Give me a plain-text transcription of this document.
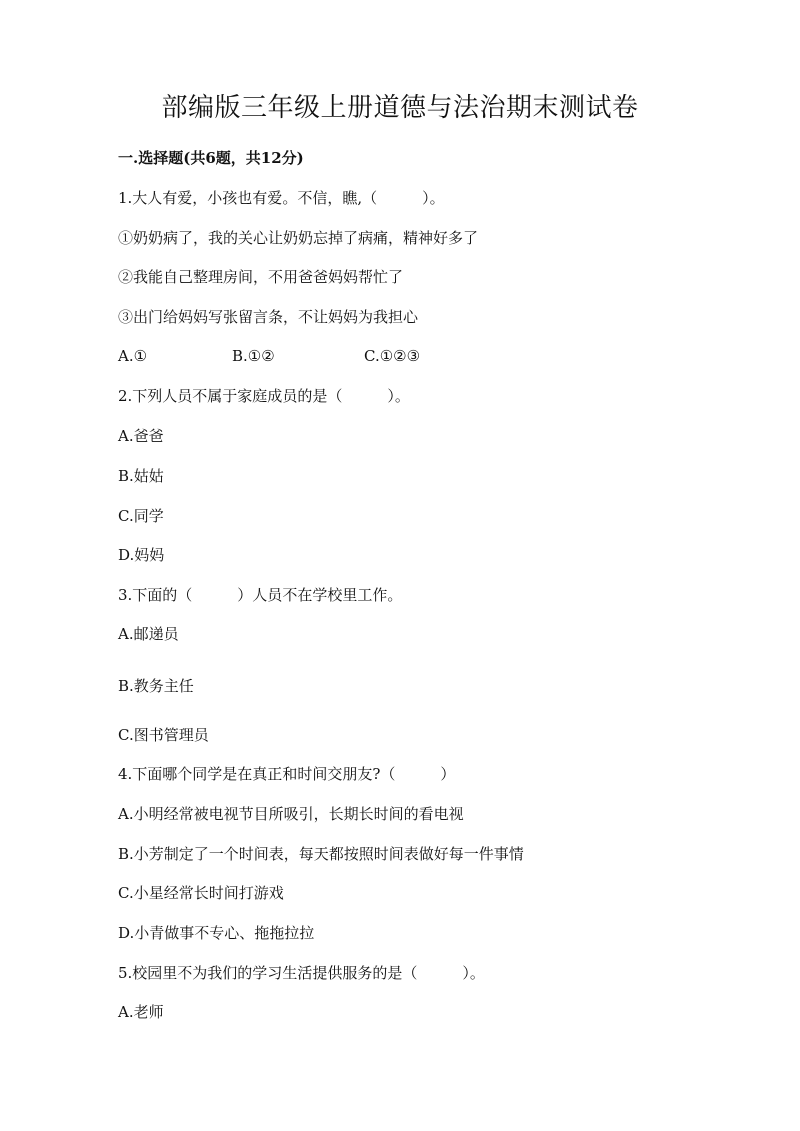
部编版三年级上册道德与法治期末测试卷
一.选择题(共6题，共12分)
1.大人有爱，小孩也有爱。不信，瞧,（　　　）。
①奶奶病了，我的关心让奶奶忘掉了病痛，精神好多了
②我能自己整理房间，不用爸爸妈妈帮忙了
③出门给妈妈写张留言条，不让妈妈为我担心
A.①	B.①②	C.①②③
2.下列人员不属于家庭成员的是（　　　）。
A.爸爸
B.姑姑
C.同学
D.妈妈
3.下面的（　　　）人员不在学校里工作。
A.邮递员
B.教务主任
C.图书管理员
4.下面哪个同学是在真正和时间交朋友?（　　　）
A.小明经常被电视节目所吸引，长期长时间的看电视
B.小芳制定了一个时间表，每天都按照时间表做好每一件事情
C.小星经常长时间打游戏
D.小青做事不专心、拖拖拉拉
5.校园里不为我们的学习生活提供服务的是（　　　）。
A.老师
